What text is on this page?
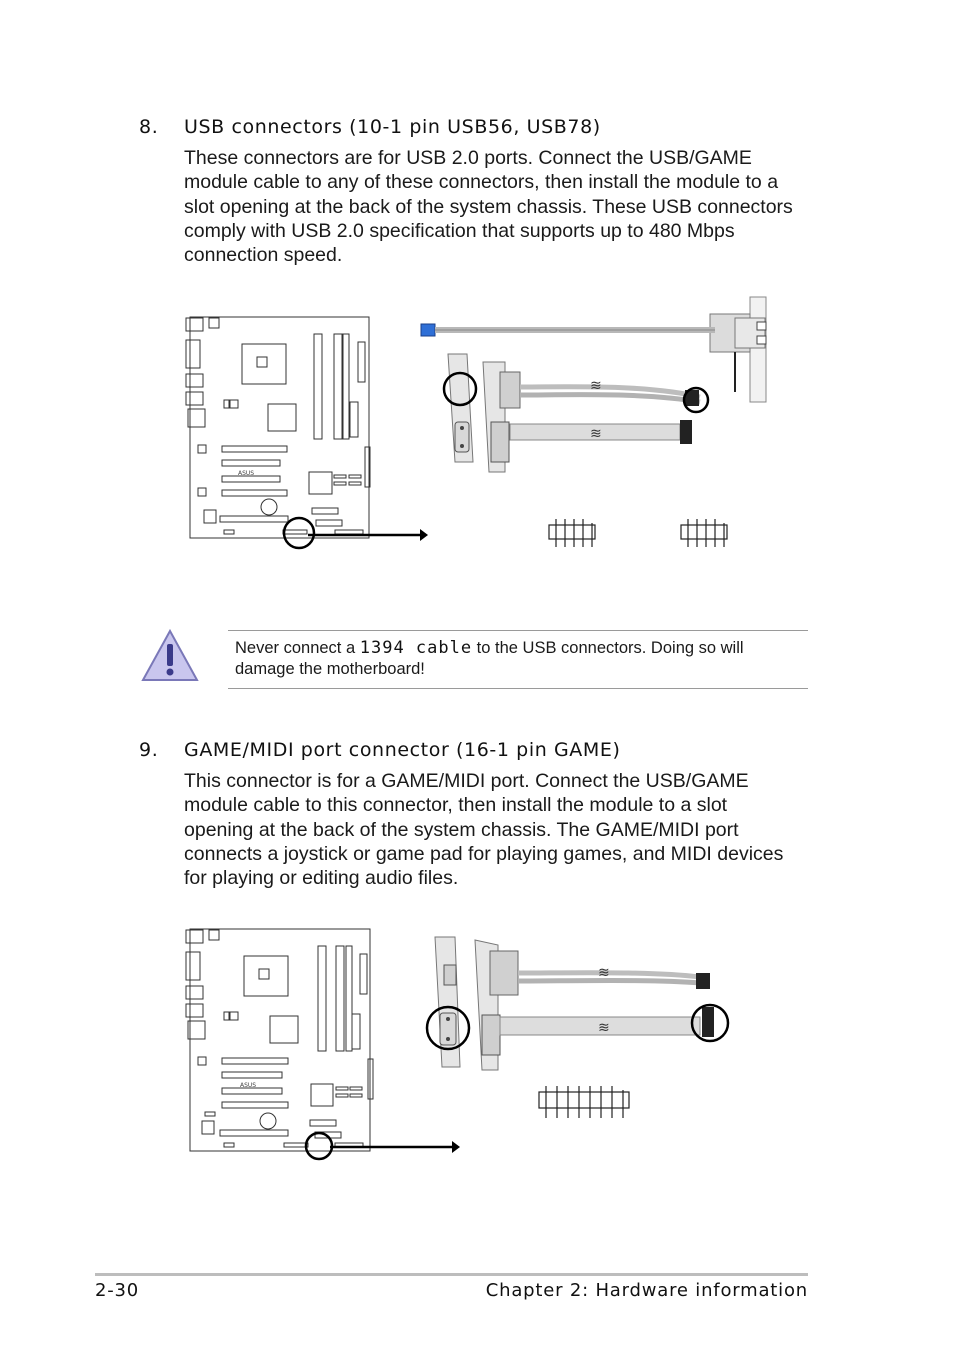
8. USB connectors (10-1 pin USB56, USB78)
These connectors are for USB 2.0 ports. Connect the USB/GAME
module cable to any of these connectors, then install the module to a
slot opening at the back of the system chassis. These USB connectors
comply with USB 2.0 specification that supports up to 480 Mbps
connection speed.
ASUS
≋
≋
Never connect a 1394 cable to the USB connectors. Doing so will
damage the motherboard!
9. GAME/MIDI port connector (16-1 pin GAME)
This connector is for a GAME/MIDI port. Connect the USB/GAME
module cable to this connector, then install the module to a slot
opening at the back of the system chassis. The GAME/MIDI port
connects a joystick or game pad for playing games, and MIDI devices
for playing or editing audio files.
ASUS
≋
≋
2-30	Chapter 2: Hardware information
